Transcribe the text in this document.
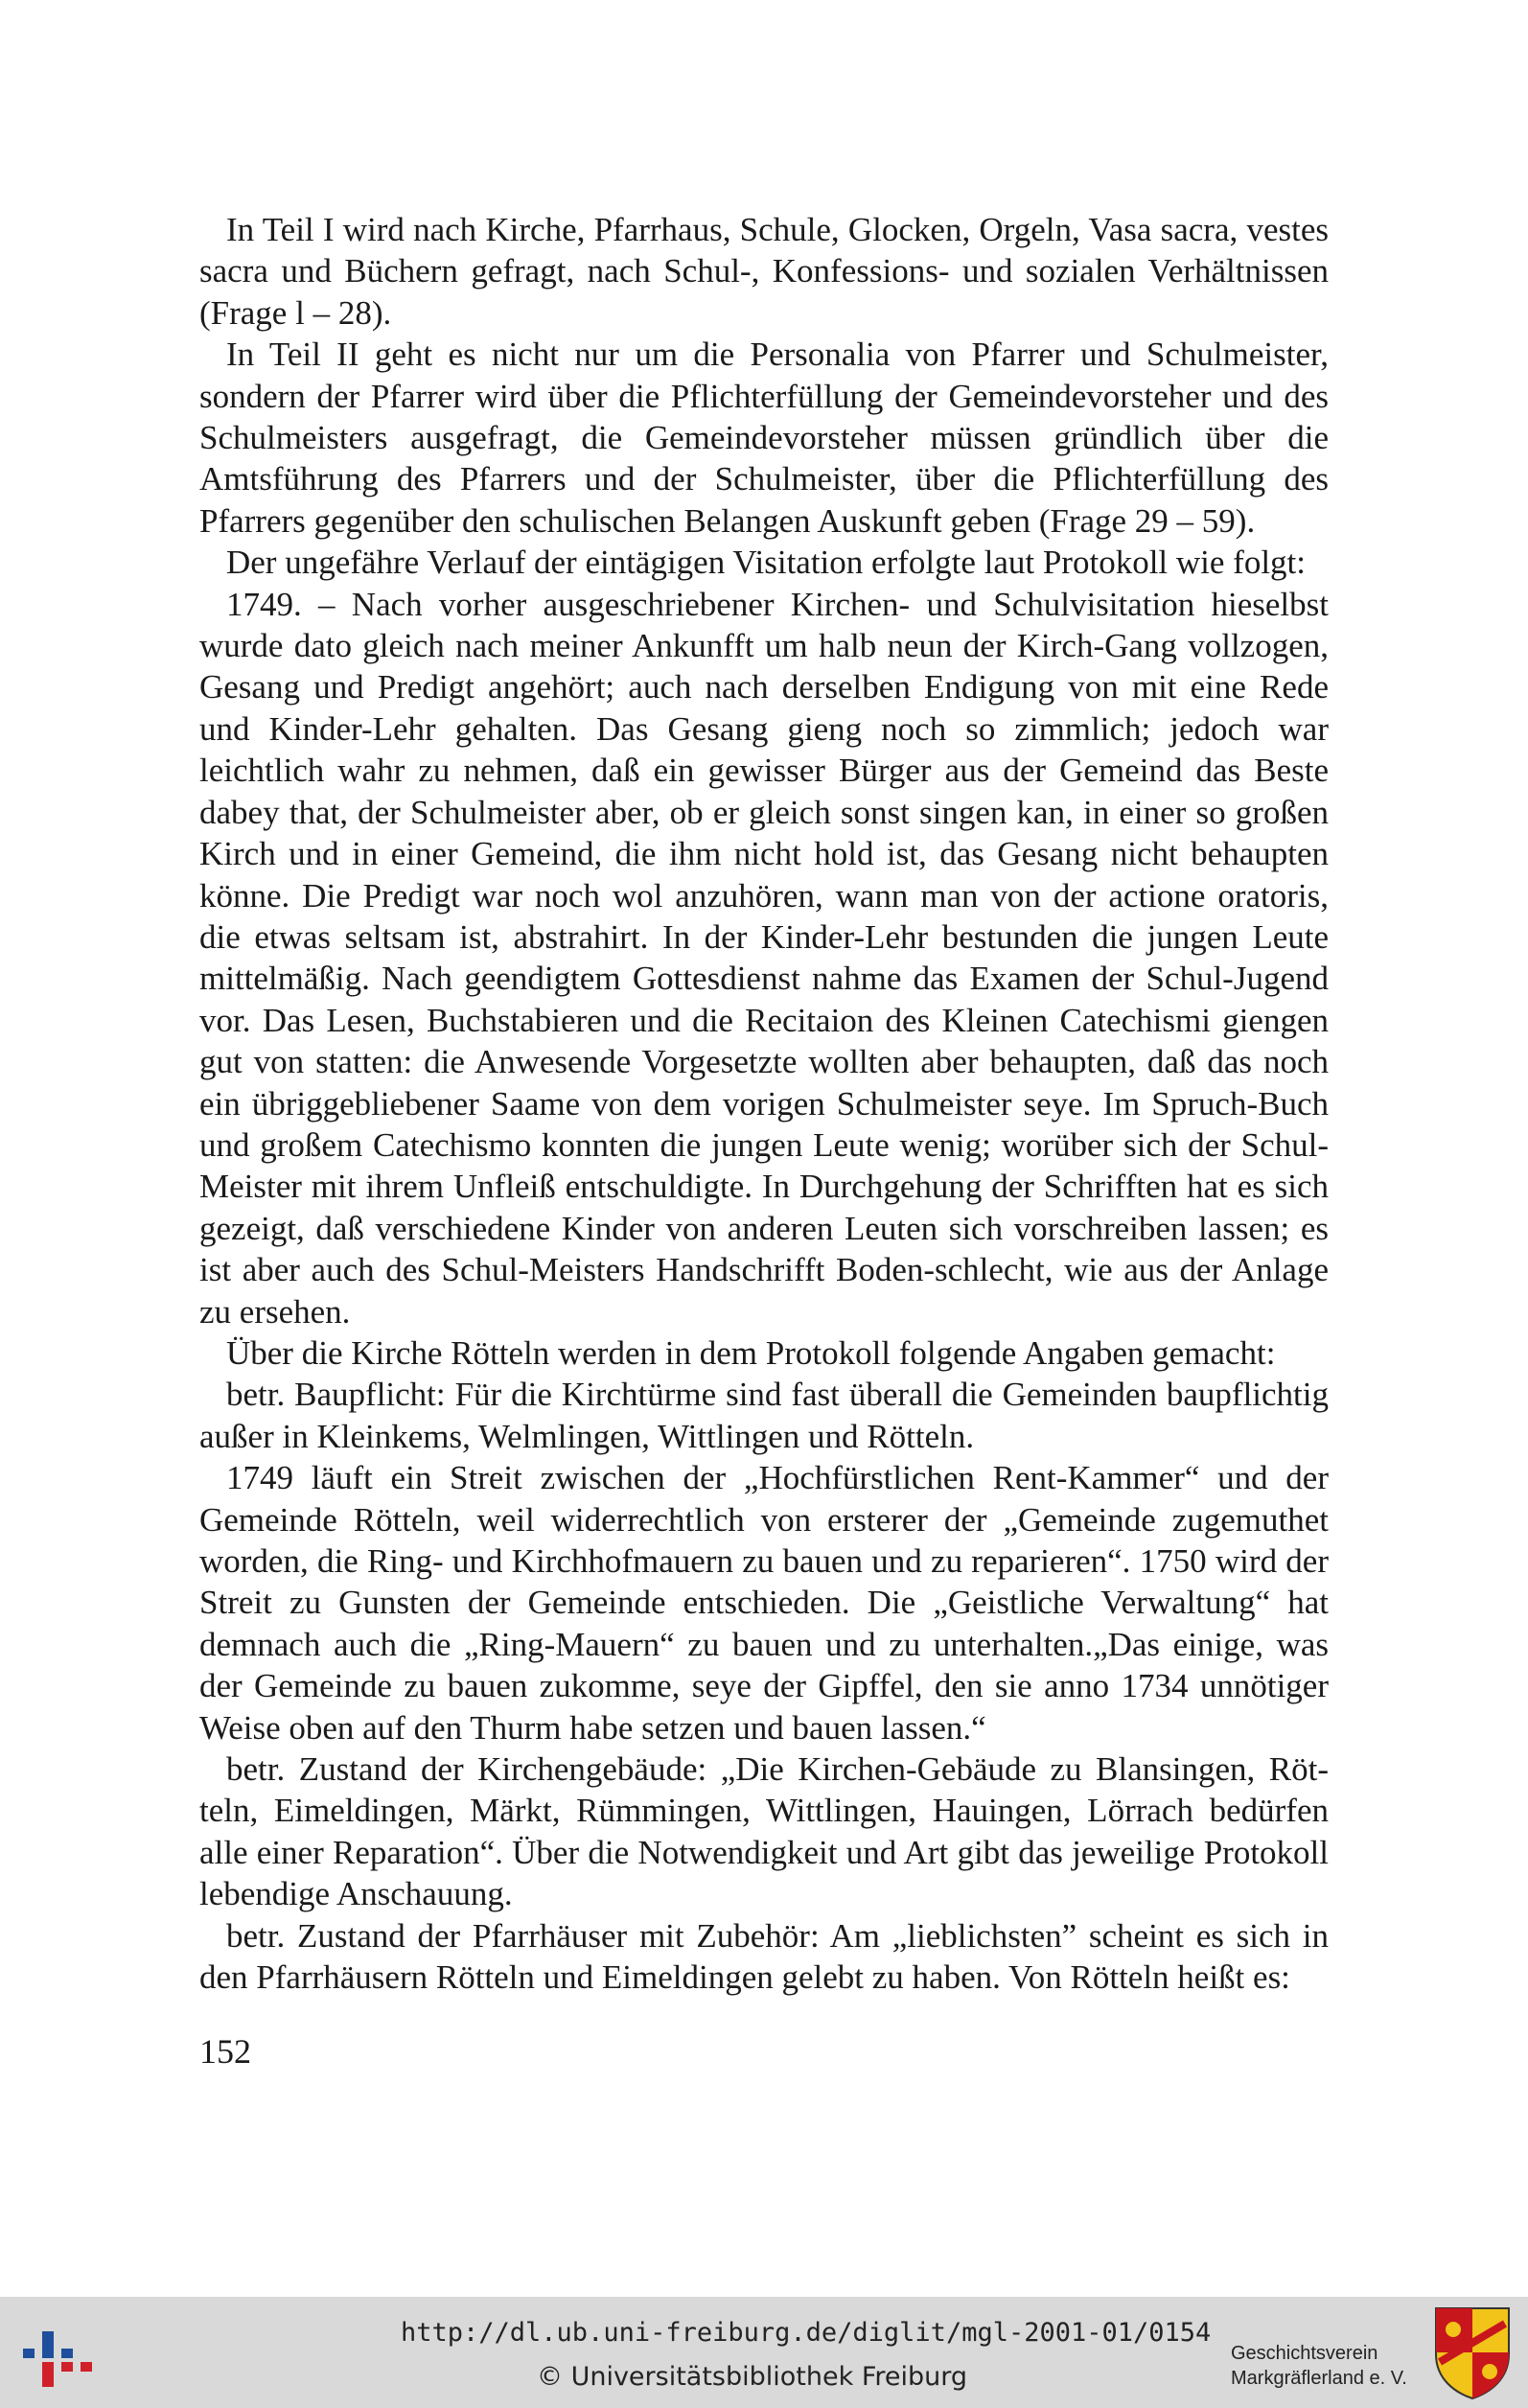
In Teil I wird nach Kirche, Pfarrhaus, Schule, Glocken, Orgeln, Vasa sacra, vestes sacra und Büchern gefragt, nach Schul-, Konfessions- und sozialen Verhältnissen (Frage l – 28).

In Teil II geht es nicht nur um die Personalia von Pfarrer und Schulmeister, sondern der Pfarrer wird über die Pflichterfüllung der Gemeindevorsteher und des Schulmeisters ausgefragt, die Gemeindevorsteher müssen gründlich über die Amtsführung des Pfarrers und der Schulmeister, über die Pflichterfüllung des Pfarrers gegenüber den schulischen Belangen Auskunft geben (Frage 29 – 59).

Der ungefähre Verlauf der eintägigen Visitation erfolgte laut Protokoll wie folgt:

1749. – Nach vorher ausgeschriebener Kirchen- und Schulvisitation hieselbst wurde dato gleich nach meiner Ankunfft um halb neun der Kirch-Gang vollzogen, Gesang und Predigt angehört; auch nach derselben Endigung von mit eine Rede und Kinder-Lehr gehalten. Das Gesang gieng noch so zimmlich; jedoch war leichtlich wahr zu nehmen, daß ein gewisser Bürger aus der Gemeind das Beste dabey that, der Schulmeister aber, ob er gleich sonst singen kan, in einer so großen Kirch und in einer Gemeind, die ihm nicht hold ist, das Gesang nicht behaupten könne. Die Predigt war noch wol anzuhören, wann man von der actione oratoris, die etwas seltsam ist, abstrahirt. In der Kinder-Lehr bestunden die jungen Leute mittelmäßig. Nach geendigtem Gottesdienst nahme das Examen der Schul-Jugend vor. Das Lesen, Buchstabieren und die Recitaion des Kleinen Catechismi giengen gut von statten: die Anwesende Vorgesetzte wollten aber behaupten, daß das noch ein übriggebliebener Saame von dem vorigen Schulmeister seye. Im Spruch-Buch und großem Catechismo konnten die jungen Leute wenig; worüber sich der Schul-Meister mit ihrem Unfleiß entschuldigte. In Durchgehung der Schrifften hat es sich gezeigt, daß verschiedene Kinder von anderen Leuten sich vorschreiben lassen; es ist aber auch des Schul-Meisters Handschrifft Boden-schlecht, wie aus der Anlage zu ersehen.

Über die Kirche Rötteln werden in dem Protokoll folgende Angaben gemacht:

betr. Baupflicht: Für die Kirchtürme sind fast überall die Gemeinden baupflichtig außer in Kleinkems, Welmlingen, Wittlingen und Rötteln.

1749 läuft ein Streit zwischen der „Hochfürstlichen Rent-Kammer“ und der Gemeinde Rötteln, weil widerrechtlich von ersterer der „Gemeinde zugemuthet worden, die Ring- und Kirchhofmauern zu bauen und zu reparieren“. 1750 wird der Streit zu Gunsten der Gemeinde entschieden. Die „Geistliche Verwaltung“ hat demnach auch die „Ring-Mauern“ zu bauen und zu unterhalten.„Das einige, was der Gemeinde zu bauen zukomme, seye der Gipffel, den sie anno 1734 unnötiger Weise oben auf den Thurm habe setzen und bauen lassen.“

betr. Zustand der Kirchengebäude: „Die Kirchen-Gebäude zu Blansingen, Rötteln, Eimeldingen, Märkt, Rümmingen, Wittlingen, Hauingen, Lörrach bedürfen alle einer Reparation“. Über die Notwendigkeit und Art gibt das jeweilige Protokoll lebendige Anschauung.

betr. Zustand der Pfarrhäuser mit Zubehör: Am „lieblichsten” scheint es sich in den Pfarrhäusern Rötteln und Eimeldingen gelebt zu haben. Von Rötteln heißt es:

152
http://dl.ub.uni-freiburg.de/diglit/mgl-2001-01/0154
© Universitätsbibliothek Freiburg
Geschichtsverein
Markgräflerland e. V.
